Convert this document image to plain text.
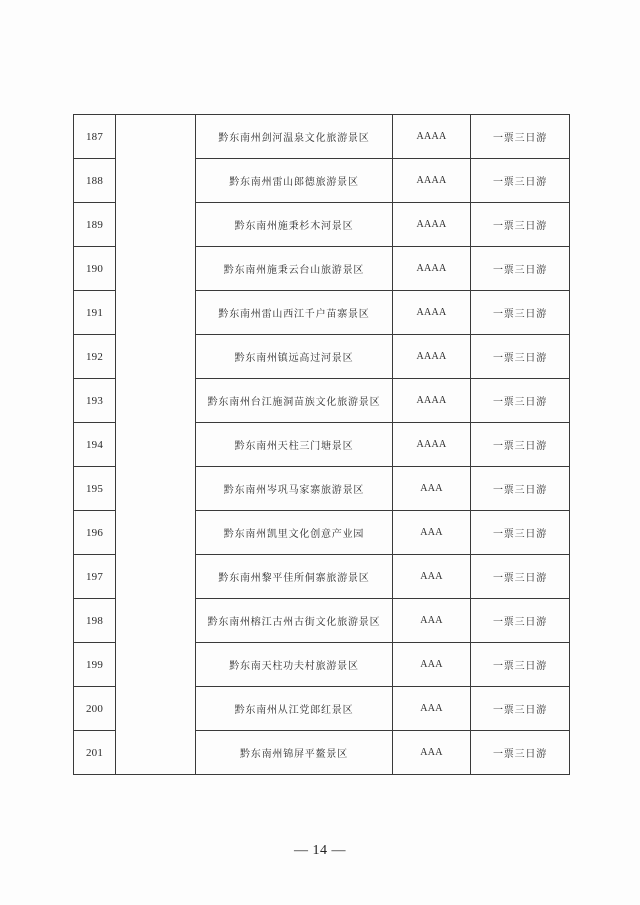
187		黔东南州剑河温泉文化旅游景区	AAAA	一票三日游
188		黔东南州雷山郎德旅游景区	AAAA	一票三日游
189		黔东南州施秉杉木河景区	AAAA	一票三日游
190		黔东南州施秉云台山旅游景区	AAAA	一票三日游
191		黔东南州雷山西江千户苗寨景区	AAAA	一票三日游
192		黔东南州镇远高过河景区	AAAA	一票三日游
193		黔东南州台江施洞苗族文化旅游景区	AAAA	一票三日游
194		黔东南州天柱三门塘景区	AAAA	一票三日游
195		黔东南州岑巩马家寨旅游景区	AAA	一票三日游
196		黔东南州凯里文化创意产业园	AAA	一票三日游
197		黔东南州黎平佳所侗寨旅游景区	AAA	一票三日游
198		黔东南州榕江古州古街文化旅游景区	AAA	一票三日游
199		黔东南天柱功夫村旅游景区	AAA	一票三日游
200		黔东南州从江党郎红景区	AAA	一票三日游
201		黔东南州锦屏平鳌景区	AAA	一票三日游
— 14 —
